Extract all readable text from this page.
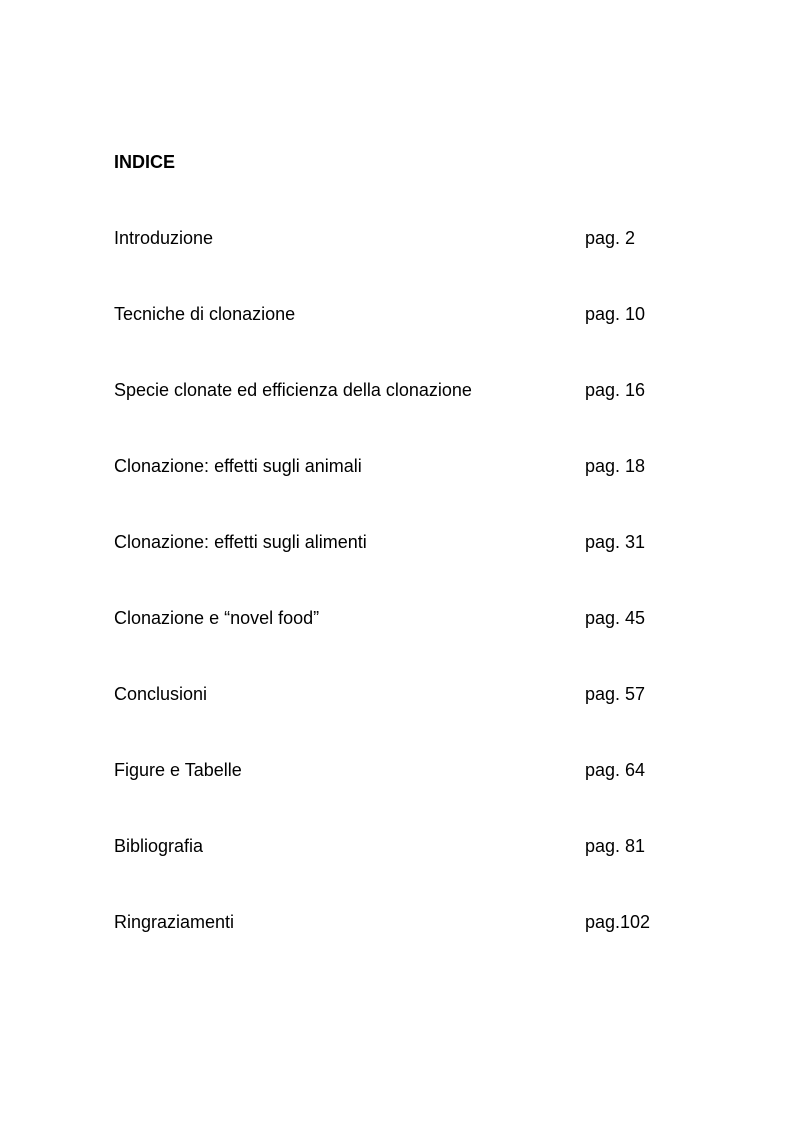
INDICE
Introduzione	pag. 2
Tecniche di clonazione	pag. 10
Specie clonate ed efficienza della clonazione	pag. 16
Clonazione: effetti sugli animali	pag. 18
Clonazione: effetti sugli alimenti	pag. 31
Clonazione e “novel food”	pag. 45
Conclusioni	pag. 57
Figure e Tabelle	pag. 64
Bibliografia	pag. 81
Ringraziamenti	pag.102
